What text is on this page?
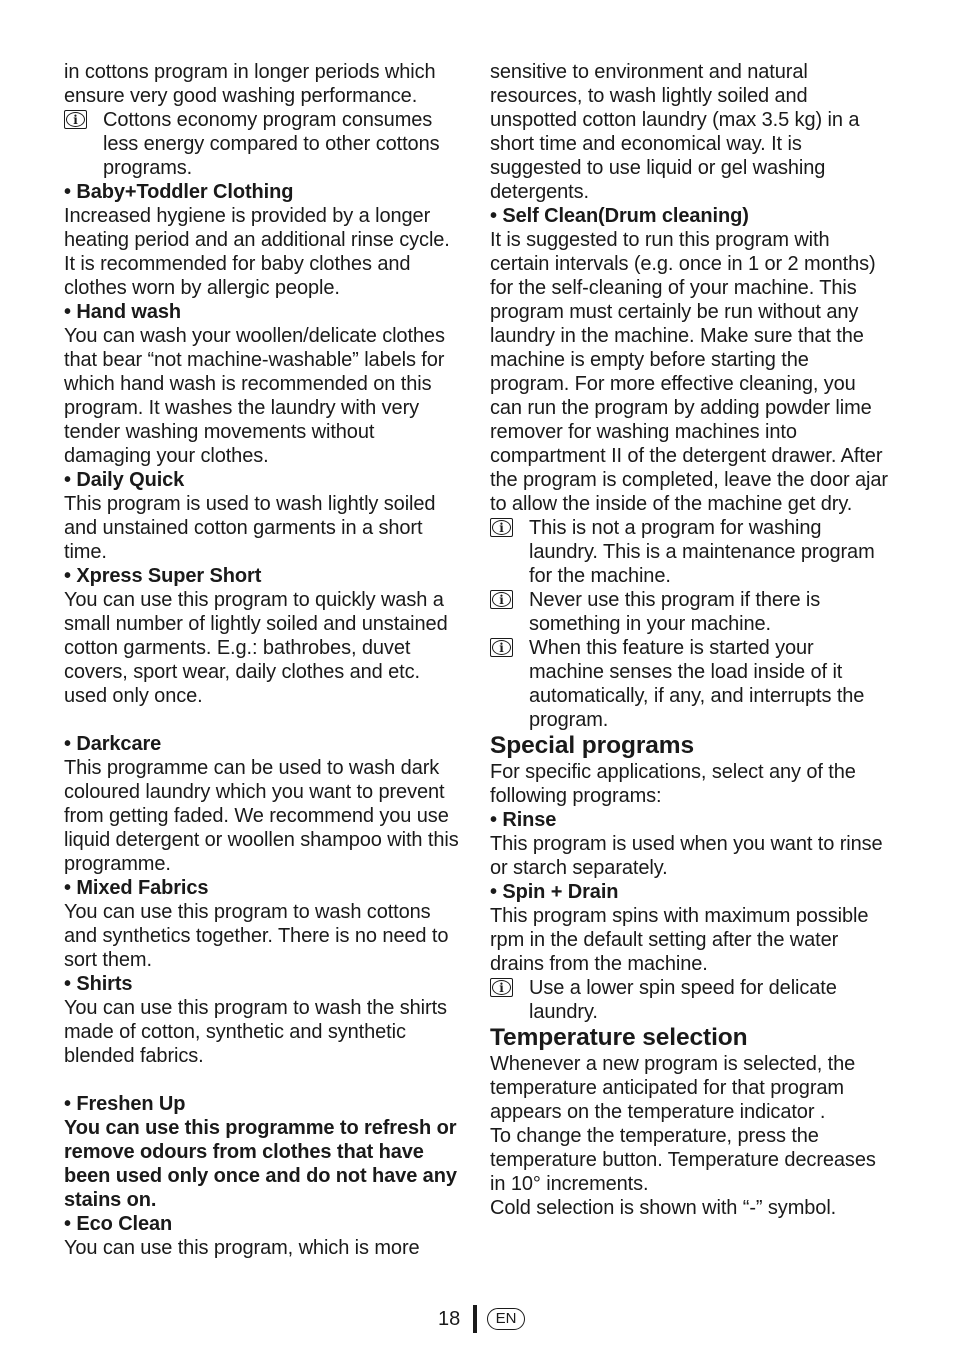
in cottons program in longer periods which ensure very good washing performance.

i Cottons economy program consumes less energy compared to other cottons programs.

• Baby+Toddler Clothing

Increased hygiene is provided by a longer heating period and an additional rinse cycle. It is recommended for baby clothes and clothes worn by allergic people.

• Hand wash

You can wash your woollen/delicate clothes that bear “not machine-washable” labels for which hand wash is recommended on this program. It washes the laundry with very tender washing movements without damaging your clothes.

• Daily Quick

This program is used to wash lightly soiled and unstained cotton garments in a short time.

• Xpress Super Short

You can use this program to quickly wash a small number of lightly soiled and unstained cotton garments. E.g.: bathrobes, duvet covers, sport wear, daily clothes and etc. used only once.

• Darkcare

This programme can be used to wash dark coloured laundry which you want to prevent from getting faded. We recommend you use liquid detergent or woollen shampoo with this programme.

• Mixed Fabrics

You can use this program to wash cottons and synthetics together. There is no need to sort them.

• Shirts

You can use this program to wash the shirts made of cotton, synthetic and synthetic blended fabrics.

• Freshen Up

You can use this programme to refresh or remove odours from clothes that have been used only once and do not have any stains on.

• Eco Clean

You can use this program, which is more

sensitive to environment and natural resources, to wash lightly soiled and unspotted cotton laundry (max 3.5 kg) in a short time and economical way. It is suggested to use liquid or gel washing detergents.

• Self Clean(Drum cleaning)

It is suggested to run this program with certain intervals (e.g. once in 1 or 2 months) for the self-cleaning of your machine. This program must certainly be run without any laundry in the machine. Make sure that the machine is empty before starting the program. For more effective cleaning, you can run the program by adding powder lime remover for washing machines into compartment II of the detergent drawer. After the program is completed, leave the door ajar to allow the inside of the machine get dry.

i This is not a program for washing laundry. This is a maintenance program for the machine.

i Never use this program if there is something in your machine.

i When this feature is started your machine senses the load inside of it automatically, if any, and interrupts the program.

Special programs

For specific applications, select any of the following programs:

• Rinse

This program is used when you want to rinse or starch separately.

• Spin + Drain

This program spins with maximum possible rpm in the default setting after the water drains from the machine.

i Use a lower spin speed for delicate laundry.

Temperature selection

Whenever a new program is selected, the temperature anticipated for that program appears on the temperature indicator .

To change the temperature, press the temperature button. Temperature decreases in 10° increments.

Cold selection is shown with “-” symbol.

18	EN
